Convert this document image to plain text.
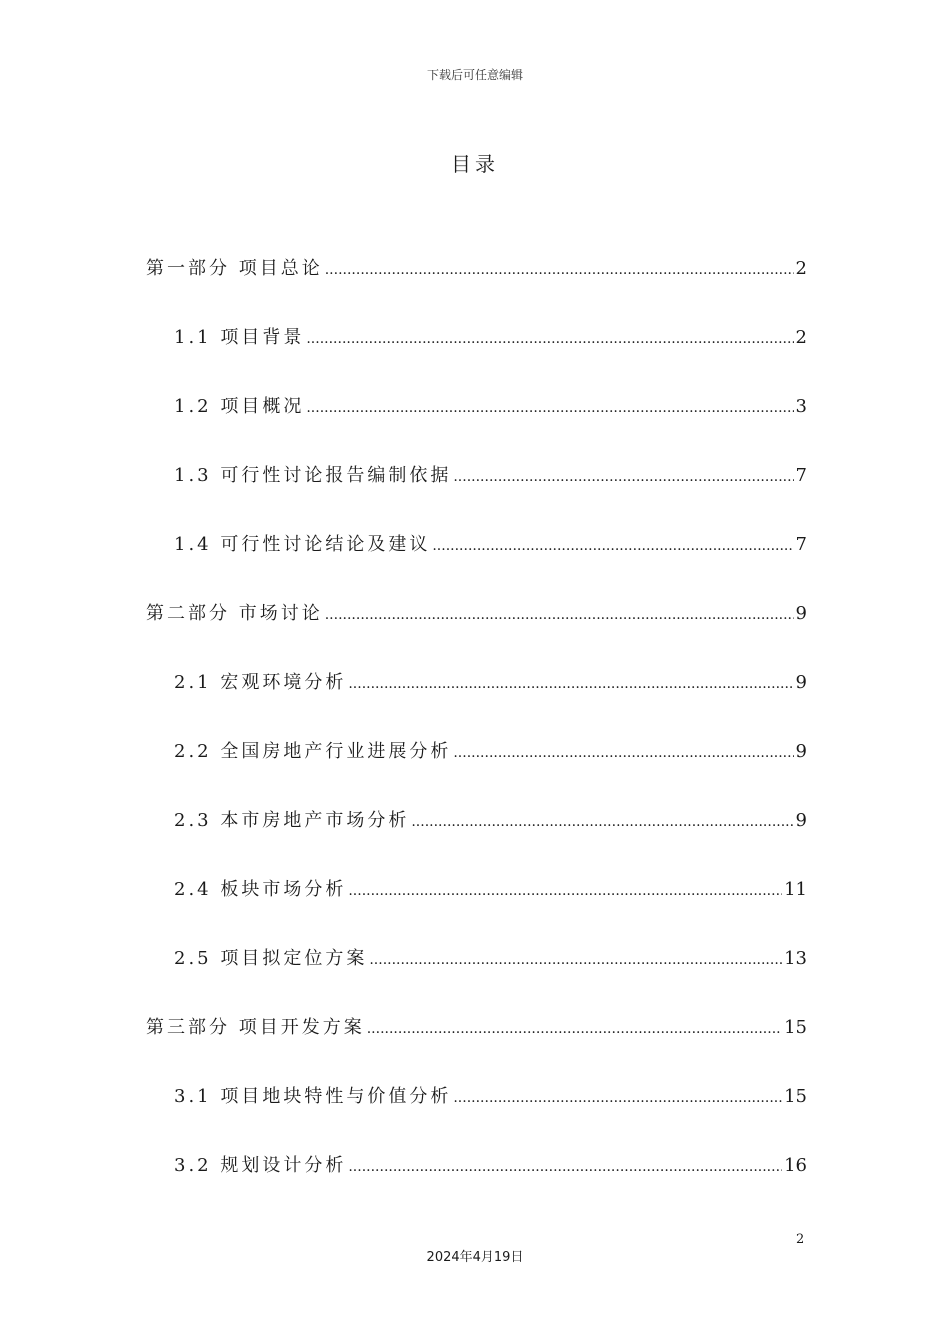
下载后可任意编辑
目录
第一部分 项目总论 .....	2
1.1 项目背景 .....	2
1.2 项目概况 .....	3
1.3 可行性讨论报告编制依据 .....	7
1.4 可行性讨论结论及建议 .....	7
第二部分 市场讨论 .....	9
2.1 宏观环境分析 .....	9
2.2 全国房地产行业进展分析 .....	9
2.3 本市房地产市场分析 .....	9
2.4 板块市场分析 .....	11
2.5 项目拟定位方案 .....	13
第三部分 项目开发方案 .....	15
3.1 项目地块特性与价值分析 .....	15
3.2 规划设计分析 .....	16
2
2024年4月19日
